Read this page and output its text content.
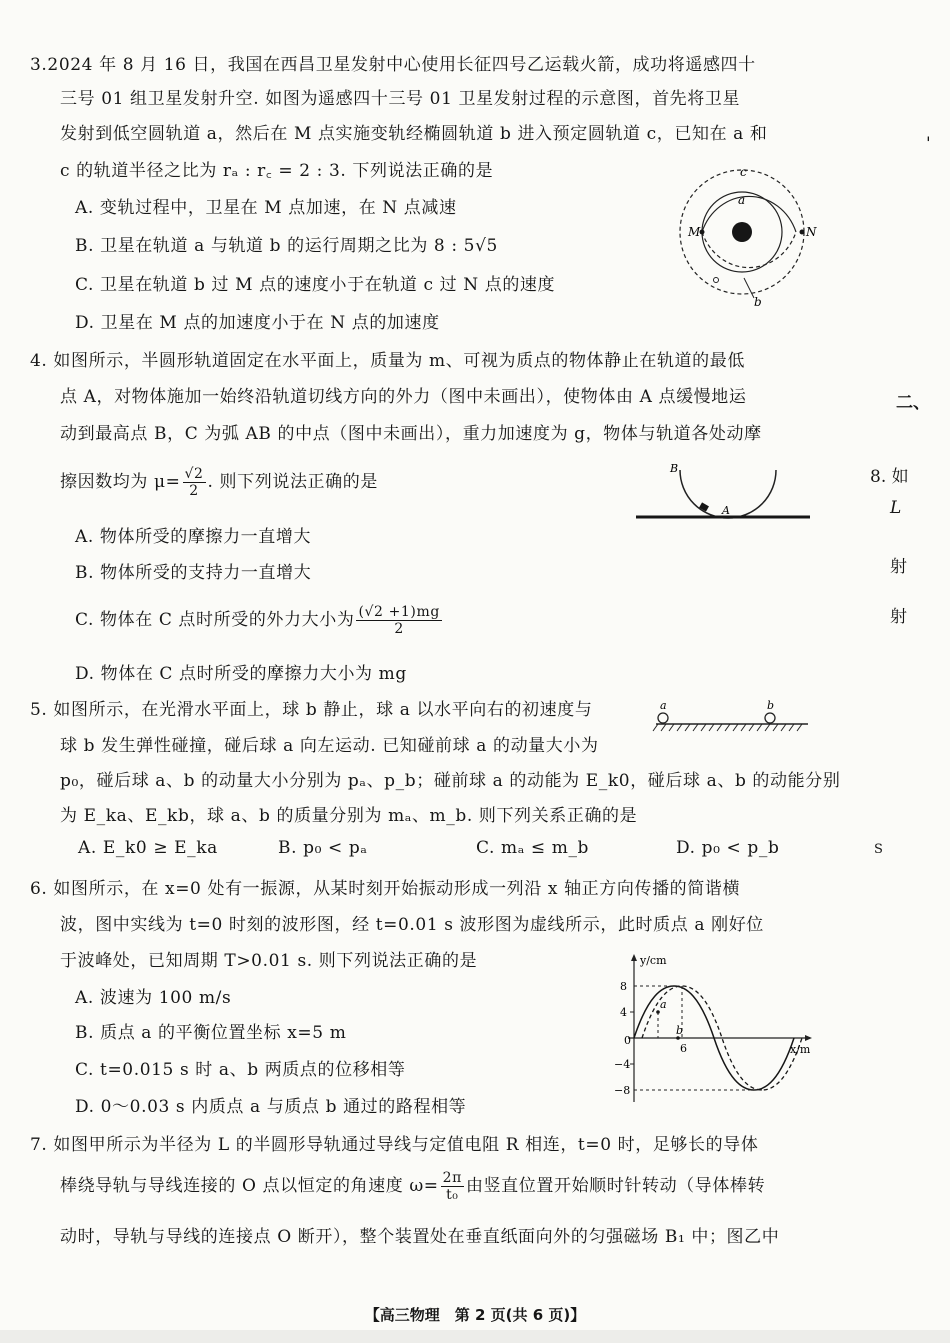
3.2024 年 8 月 16 日，我国在西昌卫星发射中心使用长征四号乙运载火箭，成功将遥感四十
三号 01 组卫星发射升空. 如图为遥感四十三号 01 卫星发射过程的示意图，首先将卫星
发射到低空圆轨道 a，然后在 M 点实施变轨经椭圆轨道 b 进入预定圆轨道 c，已知在 a 和
c 的轨道半径之比为 rₐ : r꜀ = 2 : 3. 下列说法正确的是
A. 变轨过程中，卫星在 M 点加速，在 N 点减速
B. 卫星在轨道 a 与轨道 b 的运行周期之比为 8 : 5√5
C. 卫星在轨道 b 过 M 点的速度小于在轨道 c 过 N 点的速度
D. 卫星在 M 点的加速度小于在 N 点的加速度
c
a
M	N
b
4. 如图所示，半圆形轨道固定在水平面上，质量为 m、可视为质点的物体静止在轨道的最低
点 A，对物体施加一始终沿轨道切线方向的外力（图中未画出），使物体由 A 点缓慢地运
动到最高点 B，C 为弧 AB 的中点（图中未画出），重力加速度为 g，物体与轨道各处动摩
擦因数均为 $\mu= \frac{√2}{2}$ . 则下列说法正确的是
A. 物体所受的摩擦力一直增大
B. 物体所受的支持力一直增大
C. 物体在 C 点时所受的外力大小为 $\frac{(√2 +1)mg}{2}$
D. 物体在 C 点时所受的摩擦力大小为 mg
B
A
5. 如图所示，在光滑水平面上，球 b 静止，球 a 以水平向右的初速度与
球 b 发生弹性碰撞，碰后球 a 向左运动. 已知碰前球 a 的动量大小为
p₀，碰后球 a、b 的动量大小分别为 pₐ、p_b；碰前球 a 的动能为 E_k0，碰后球 a、b 的动能分别
为 E_ka、E_kb，球 a、b 的质量分别为 mₐ、m_b. 则下列关系正确的是
A. E_k0 ≥ E_ka	B. p₀ < pₐ	C. mₐ ≤ m_b	D. p₀ < p_b
a	b
6. 如图所示，在 x=0 处有一振源，从某时刻开始振动形成一列沿 x 轴正方向传播的简谐横
波，图中实线为 t=0 时刻的波形图，经 t=0.01 s 波形图为虚线所示，此时质点 a 刚好位
于波峰处，已知周期 T>0.01 s. 则下列说法正确的是
A. 波速为 100 m/s
B. 质点 a 的平衡位置坐标 x=5 m
C. t=0.015 s 时 a、b 两质点的位移相等
D. 0～0.03 s 内质点 a 与质点 b 通过的路程相等
y/cm
x/m
8
4
−4
−8
0
6
a
b
7. 如图甲所示为半径为 L 的半圆形导轨通过导线与定值电阻 R 相连，t=0 时，足够长的导体
棒绕导轨与导线连接的 O 点以恒定的角速度 $\omega= \frac{2\pi}{\text{t₀}}$ 由竖直位置开始顺时针转动（导体棒转
动时，导轨与导线的连接点 O 断开），整个装置处在垂直纸面向外的匀强磁场 B₁ 中；图乙中
'
二、
8. 如
L
射
射
S
【高三物理　第 2 页(共 6 页)】
